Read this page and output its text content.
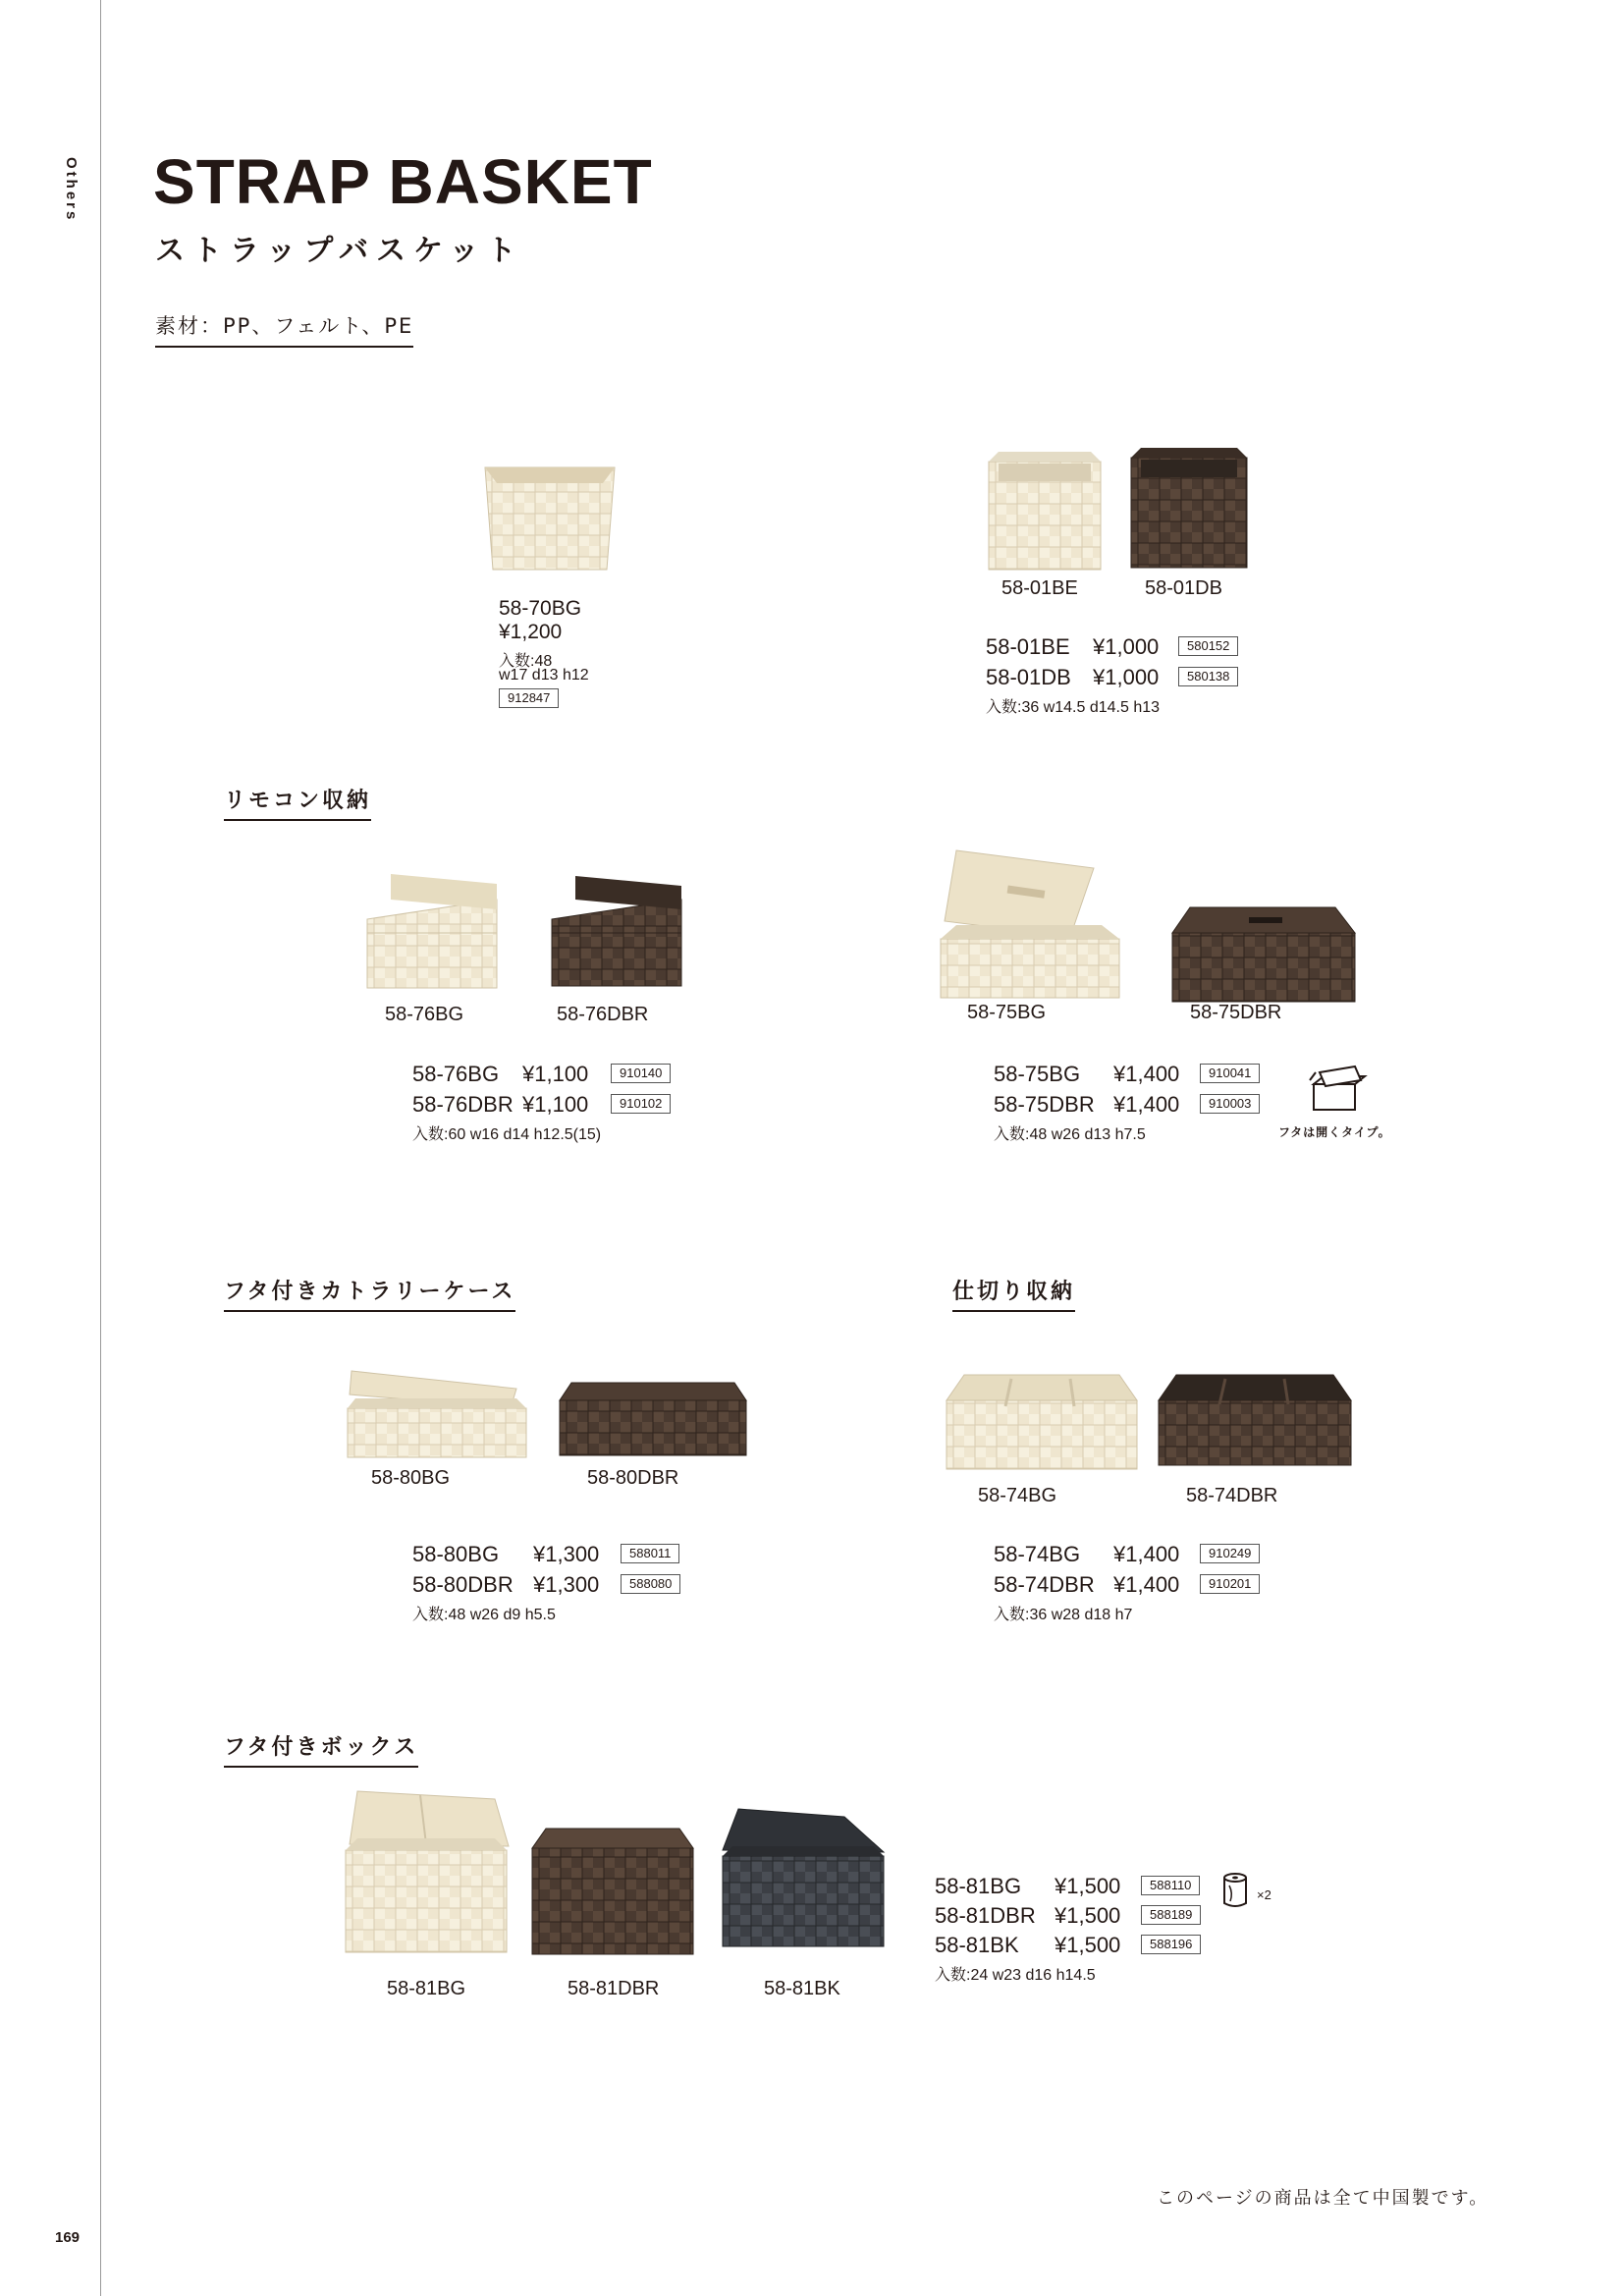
Others
169
STRAP BASKET
ストラップバスケット
素材：PP、フェルト、PE
58-70BG
¥1,200
入数:48
w17 d13 h12
912847
58-01BE	58-01DB
58-01BE ¥1,000	580152
58-01DB ¥1,000	580138
入数:36 w14.5 d14.5 h13
リモコン収納
58-76BG	58-76DBR
58-76BG ¥1,100	910140
58-76DBR ¥1,100	910102
入数:60 w16 d14 h12.5(15)
58-75BG	58-75DBR
58-75BG ¥1,400	910041
58-75DBR ¥1,400	910003
入数:48 w26 d13 h7.5	フタは開くタイプ。
フタ付きカトラリーケース
58-80BG	58-80DBR
58-80BG ¥1,300	588011
58-80DBR ¥1,300	588080
入数:48 w26 d9 h5.5
仕切り収納
58-74BG	58-74DBR
58-74BG ¥1,400	910249
58-74DBR ¥1,400	910201
入数:36 w28 d18 h7
フタ付きボックス
58-81BG	58-81DBR	58-81BK
58-81BG ¥1,500	588110
58-81DBR ¥1,500	588189
58-81BK ¥1,500	588196
入数:24 w23 d16 h14.5
×2
このページの商品は全て中国製です。
